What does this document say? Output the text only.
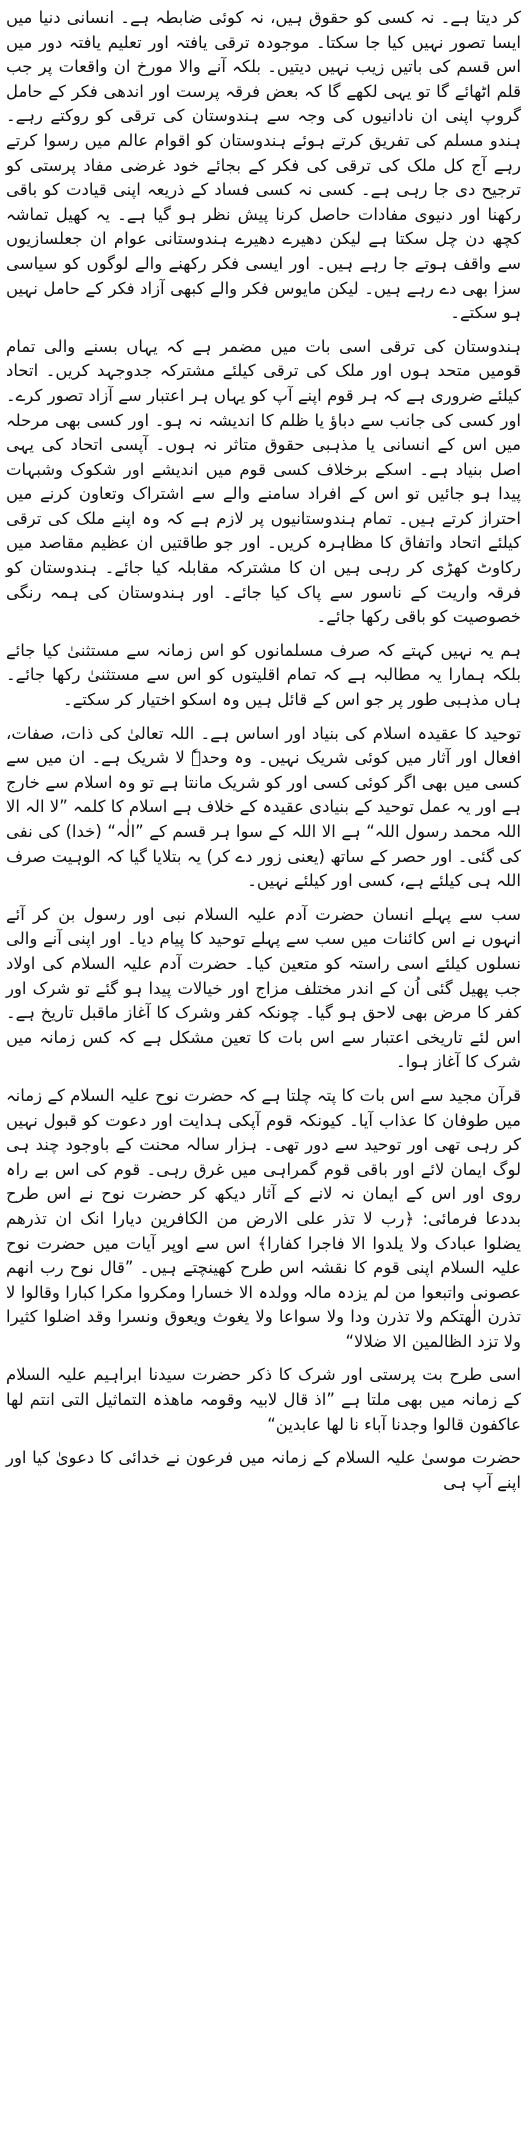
کر دیتا ہے۔ نہ کسی کو حقوق ہیں، نہ کوئی ضابطہ ہے۔ انسانی دنیا میں ایسا تصور نہیں کیا جا سکتا۔ موجودہ ترقی یافتہ اور تعلیم یافتہ دور میں اس قسم کی باتیں زیب نہیں دیتیں۔ بلکہ آنے والا مورخ ان واقعات پر جب قلم اٹھائے گا تو یہی لکھے گا کہ بعض فرقہ پرست اور اندھی فکر کے حامل گروپ اپنی ان نادانیوں کی وجہ سے ہندوستان کی ترقی کو روکتے رہے۔ ہندو مسلم کی تفریق کرتے ہوئے ہندوستان کو اقوام عالم میں رسوا کرتے رہے آج کل ملک کی ترقی کی فکر کے بجائے خود غرضی مفاد پرستی کو ترجیح دی جا رہی ہے۔ کسی نہ کسی فساد کے ذریعہ اپنی قیادت کو باقی رکھنا اور دنیوی مفادات حاصل کرنا پیش نظر ہو گیا ہے۔ یہ کھیل تماشہ کچھ دن چل سکتا ہے لیکن دھیرے دھیرے ہندوستانی عوام ان جعلسازیوں سے واقف ہوتے جا رہے ہیں۔ اور ایسی فکر رکھنے والے لوگوں کو سیاسی سزا بھی دے رہے ہیں۔ لیکن مایوس فکر والے کبھی آزاد فکر کے حامل نہیں ہو سکتے۔

ہندوستان کی ترقی اسی بات میں مضمر ہے کہ یہاں بسنے والی تمام قومیں متحد ہوں اور ملک کی ترقی کیلئے مشترکہ جدوجہد کریں۔ اتحاد کیلئے ضروری ہے کہ ہر قوم اپنے آپ کو یہاں ہر اعتبار سے آزاد تصور کرے۔ اور کسی کی جانب سے دباؤ یا ظلم کا اندیشہ نہ ہو۔ اور کسی بھی مرحلہ میں اس کے انسانی یا مذہبی حقوق متاثر نہ ہوں۔ آپسی اتحاد کی یہی اصل بنیاد ہے۔ اسکے برخلاف کسی قوم میں اندیشے اور شکوک وشبہات پیدا ہو جائیں تو اس کے افراد سامنے والے سے اشتراک وتعاون کرنے میں احتراز کرتے ہیں۔ تمام ہندوستانیوں پر لازم ہے کہ وہ اپنے ملک کی ترقی کیلئے اتحاد واتفاق کا مظاہرہ کریں۔ اور جو طاقتیں ان عظیم مقاصد میں رکاوٹ کھڑی کر رہی ہیں ان کا مشترکہ مقابلہ کیا جائے۔ ہندوستان کو فرقہ واریت کے ناسور سے پاک کیا جائے۔ اور ہندوستان کی ہمہ رنگی خصوصیت کو باقی رکھا جائے۔

ہم یہ نہیں کہتے کہ صرف مسلمانوں کو اس زمانہ سے مستثنیٰ کیا جائے بلکہ ہمارا یہ مطالبہ ہے کہ تمام اقلیتوں کو اس سے مستثنیٰ رکھا جائے۔ ہاں مذہبی طور پر جو اس کے قائل ہیں وہ اسکو اختیار کر سکتے۔

توحید کا عقیدہ اسلام کی بنیاد اور اساس ہے۔ اللہ تعالیٰ کی ذات، صفات، افعال اور آثار میں کوئی شریک نہیں۔ وہ وحدہٗ لا شریک ہے۔ ان میں سے کسی میں بھی اگر کوئی کسی اور کو شریک مانتا ہے تو وہ اسلام سے خارج ہے اور یہ عمل توحید کے بنیادی عقیدہ کے خلاف ہے اسلام کا کلمہ ”لا الہ الا اللہ محمد رسول اللہ“ ہے الا اللہ کے سوا ہر قسم کے ”الٰہ“ (خدا) کی نفی کی گئی۔ اور حصر کے ساتھ (یعنی زور دے کر) یہ بتلایا گیا کہ الوہیت صرف اللہ ہی کیلئے ہے، کسی اور کیلئے نہیں۔

سب سے پہلے انسان حضرت آدم علیہ السلام نبی اور رسول بن کر آئے انہوں نے اس کائنات میں سب سے پہلے توحید کا پیام دیا۔ اور اپنی آنے والی نسلوں کیلئے اسی راستہ کو متعین کیا۔ حضرت آدم علیہ السلام کی اولاد جب پھیل گئی اُن کے اندر مختلف مزاج اور خیالات پیدا ہو گئے تو شرک اور کفر کا مرض بھی لاحق ہو گیا۔ چونکہ کفر وشرک کا آغاز ماقبل تاریخ ہے۔ اس لئے تاریخی اعتبار سے اس بات کا تعین مشکل ہے کہ کس زمانہ میں شرک کا آغاز ہوا۔

قرآن مجید سے اس بات کا پتہ چلتا ہے کہ حضرت نوح علیہ السلام کے زمانہ میں طوفان کا عذاب آیا۔ کیونکہ قوم آپکی ہدایت اور دعوت کو قبول نہیں کر رہی تھی اور توحید سے دور تھی۔ ہزار سالہ محنت کے باوجود چند ہی لوگ ایمان لائے اور باقی قوم گمراہی میں غرق رہی۔ قوم کی اس بے راہ روی اور اس کے ایمان نہ لانے کے آثار دیکھ کر حضرت نوح نے اس طرح بددعا فرمائی: ﴿رب لا تذر علی الارض من الکافرین دیارا انک ان تذرھم یضلوا عبادک ولا یلدوا الا فاجرا کفارا﴾ اس سے اوپر آیات میں حضرت نوح علیہ السلام اپنی قوم کا نقشہ اس طرح کھینچتے ہیں۔ ”قال نوح رب انھم عصونی واتبعوا من لم یزدہ مالہ وولدہ الا خسارا ومکروا مکرا کبارا وقالوا لا تذرن الٰھتکم ولا تذرن ودا ولا سواعا ولا یغوث ویعوق ونسرا وقد اضلوا کثیرا ولا تزد الظالمین الا ضلالا“

اسی طرح بت پرستی اور شرک کا ذکر حضرت سیدنا ابراہیم علیہ السلام کے زمانہ میں بھی ملتا ہے ”اذ قال لابیہ وقومہ ماھذہ التماثیل التی انتم لھا عاکفون قالوا وجدنا آباء نا لھا عابدین“

حضرت موسیٰ علیہ السلام کے زمانہ میں فرعون نے خدائی کا دعویٰ کیا اور اپنے آپ ہی
